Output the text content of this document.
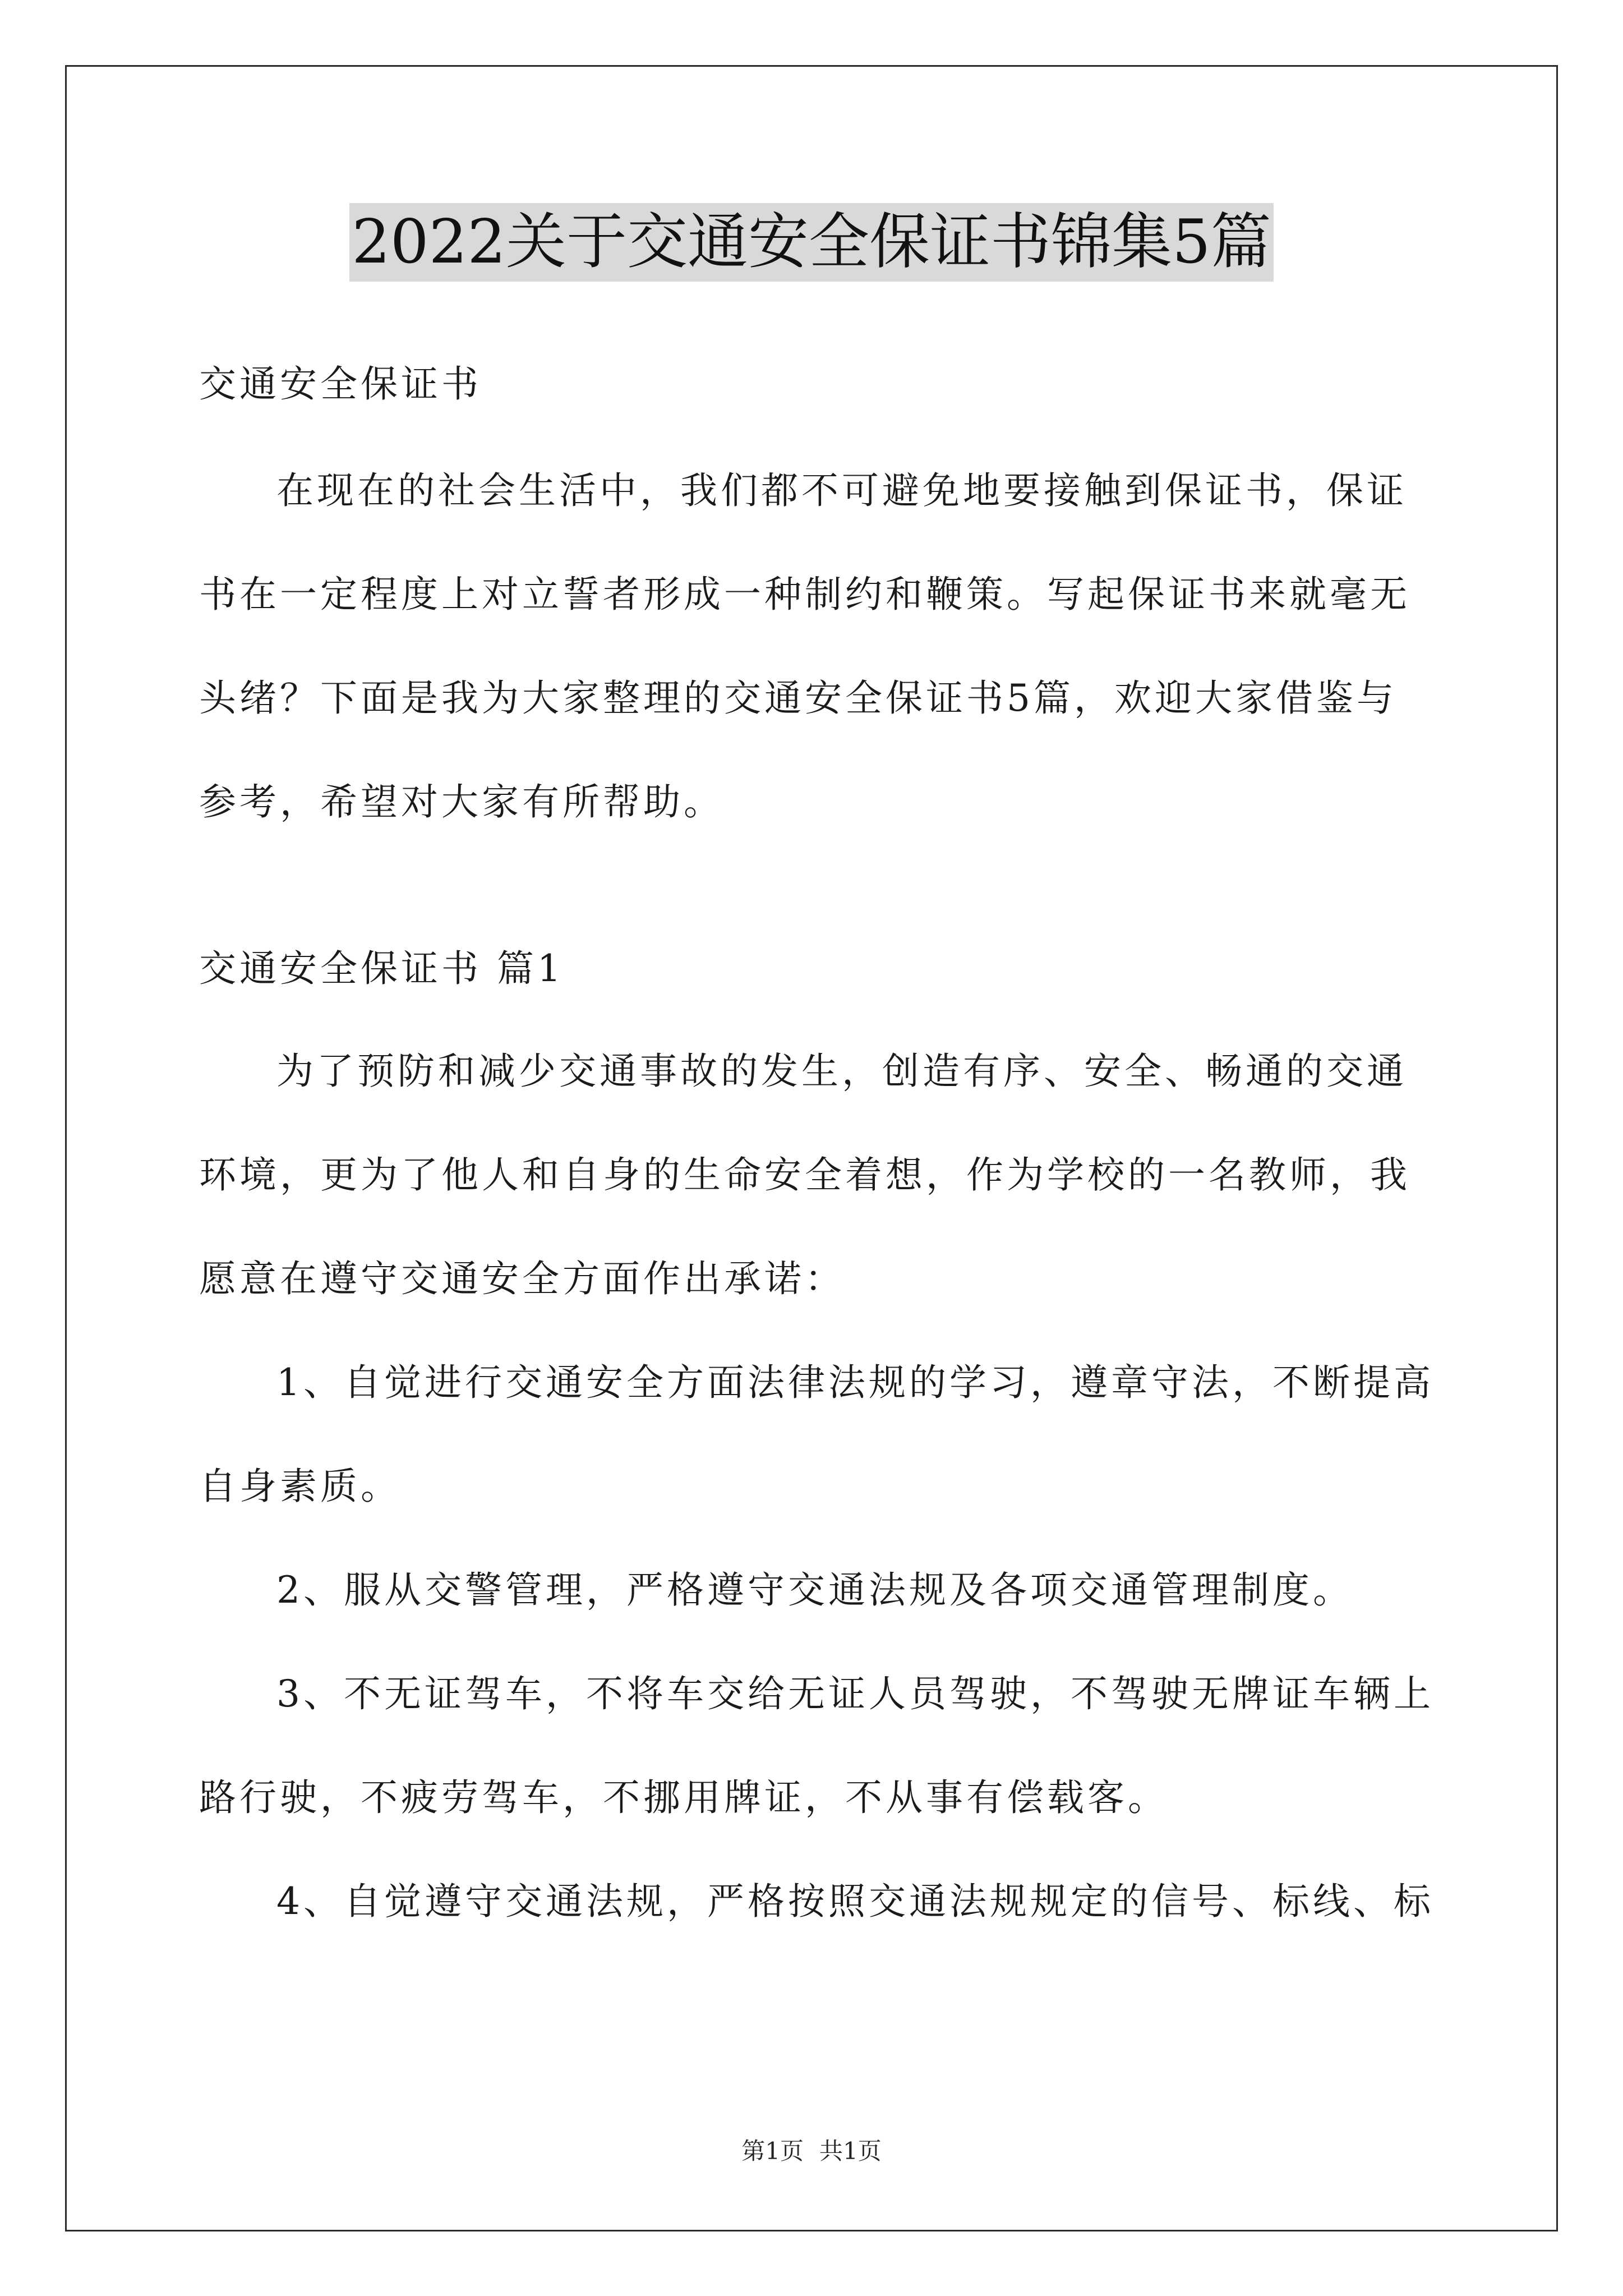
2022关于交通安全保证书锦集5篇
交通安全保证书
在现在的社会生活中，我们都不可避免地要接触到保证书，保证
书在一定程度上对立誓者形成一种制约和鞭策。写起保证书来就毫无
头绪？下面是我为大家整理的交通安全保证书5篇，欢迎大家借鉴与
参考，希望对大家有所帮助。
交通安全保证书 篇1
为了预防和减少交通事故的发生，创造有序、安全、畅通的交通
环境，更为了他人和自身的生命安全着想，作为学校的一名教师，我
愿意在遵守交通安全方面作出承诺：
1、自觉进行交通安全方面法律法规的学习，遵章守法，不断提高
自身素质。
2、服从交警管理，严格遵守交通法规及各项交通管理制度。
3、不无证驾车，不将车交给无证人员驾驶，不驾驶无牌证车辆上
路行驶，不疲劳驾车，不挪用牌证，不从事有偿载客。
4、自觉遵守交通法规，严格按照交通法规规定的信号、标线、标
第1页 共1页
